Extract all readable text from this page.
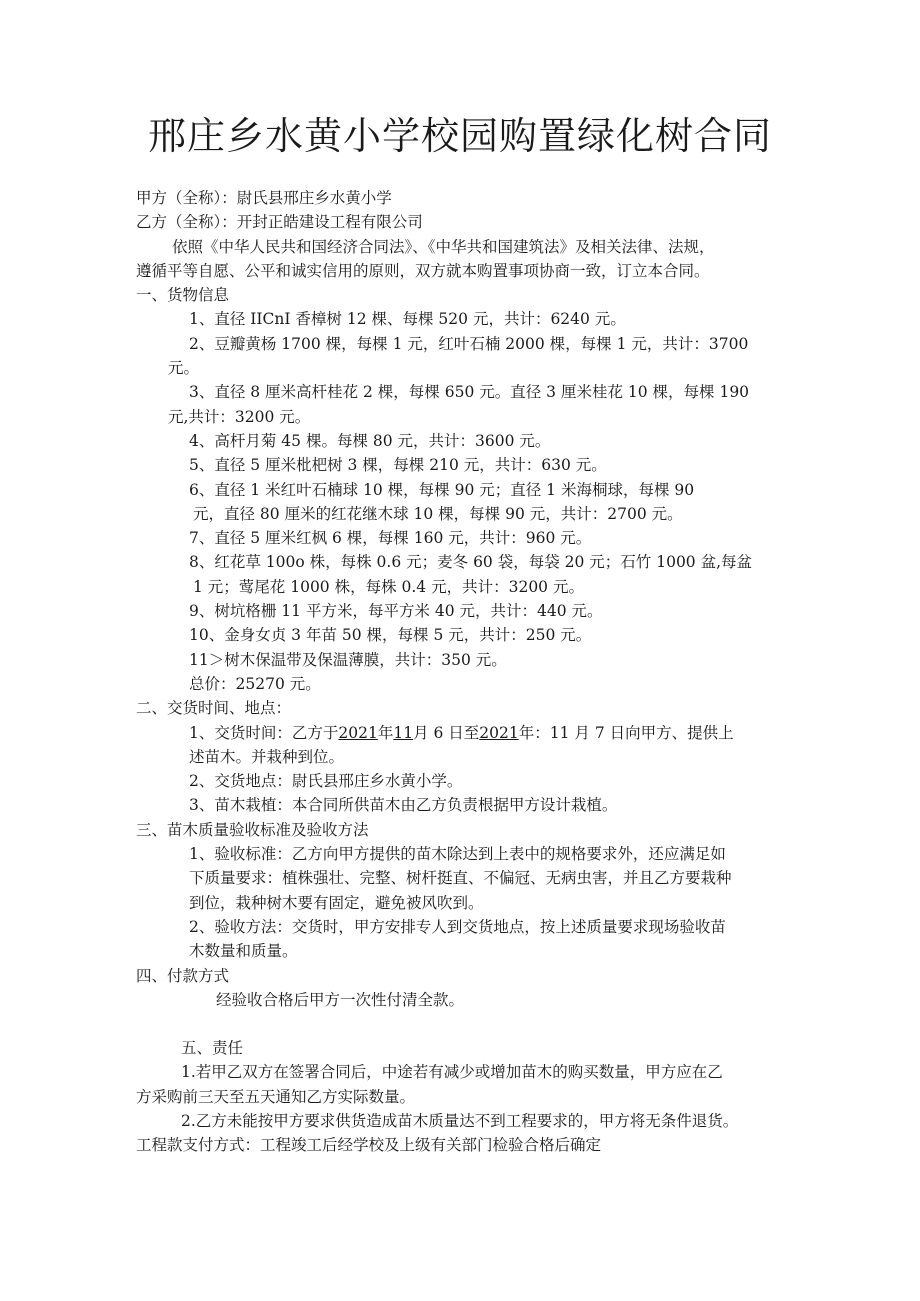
邢庄乡水黄小学校园购置绿化树合同

甲方（全称）：尉氏县邢庄乡水黄小学

乙方（全称）：开封正皓建设工程有限公司

依照《中华人民共和国经济合同法》、《中华共和国建筑法》及相关法律、法规，
遵循平等自愿、公平和诚实信用的原则，双方就本购置事项协商一致，订立本合同。

一、货物信息

1、直径 IICnI 香樟树 12 棵、每棵 520 元，共计：6240 元。
2、豆瓣黄杨 1700 棵，每棵 1 元，红叶石楠 2000 棵，每棵 1 元，共计：3700
元。
3、直径 8 厘米高杆桂花 2 棵，每棵 650 元。直径 3 厘米桂花 10 棵，每棵 190
元,共计：3200 元。
4、高杆月菊 45 棵。每棵 80 元，共计：3600 元。
5、直径 5 厘米枇杷树 3 棵，每棵 210 元，共计：630 元。
6、直径 1 米红叶石楠球 10 棵，每棵 90 元；直径 1 米海桐球，每棵 90
元，直径 80 厘米的红花继木球 10 棵，每棵 90 元，共计：2700 元。
7、直径 5 厘米红枫 6 棵，每棵 160 元，共计：960 元。
8、红花草 100o 株，每株 0.6 元；麦冬 60 袋，每袋 20 元；石竹 1000 盆,每盆
1 元；莺尾花 1000 株，每株 0.4 元，共计：3200 元。
9、树坑格栅 11 平方米，每平方米 40 元，共计：440 元。
10、金身女贞 3 年苗 50 棵，每棵 5 元，共计：250 元。
11＞树木保温带及保温薄膜，共计：350 元。
总价：25270 元。

二、交货时间、地点：

1、交货时间：乙方于2021年11月 6 日至2021年：11 月 7 日向甲方、提供上
述苗木。并栽种到位。
2、交货地点：尉氏县邢庄乡水黄小学。
3、苗木栽植：本合同所供苗木由乙方负责根据甲方设计栽植。

三、苗木质量验收标准及验收方法

1、验收标准：乙方向甲方提供的苗木除达到上表中的规格要求外，还应满足如
下质量要求：植株强壮、完整、树杆挺直、不偏冠、无病虫害，并且乙方要栽种
到位，栽种树木要有固定，避免被风吹到。
2、验收方法：交货时，甲方安排专人到交货地点，按上述质量要求现场验收苗
木数量和质量。

四、付款方式

经验收合格后甲方一次性付清全款。

五、责任

1.若甲乙双方在签署合同后，中途若有减少或增加苗木的购买数量，甲方应在乙
方采购前三天至五天通知乙方实际数量。
2.乙方未能按甲方要求供货造成苗木质量达不到工程要求的，甲方将无条件退货。
工程款支付方式：工程竣工后经学校及上级有关部门检验合格后确定
